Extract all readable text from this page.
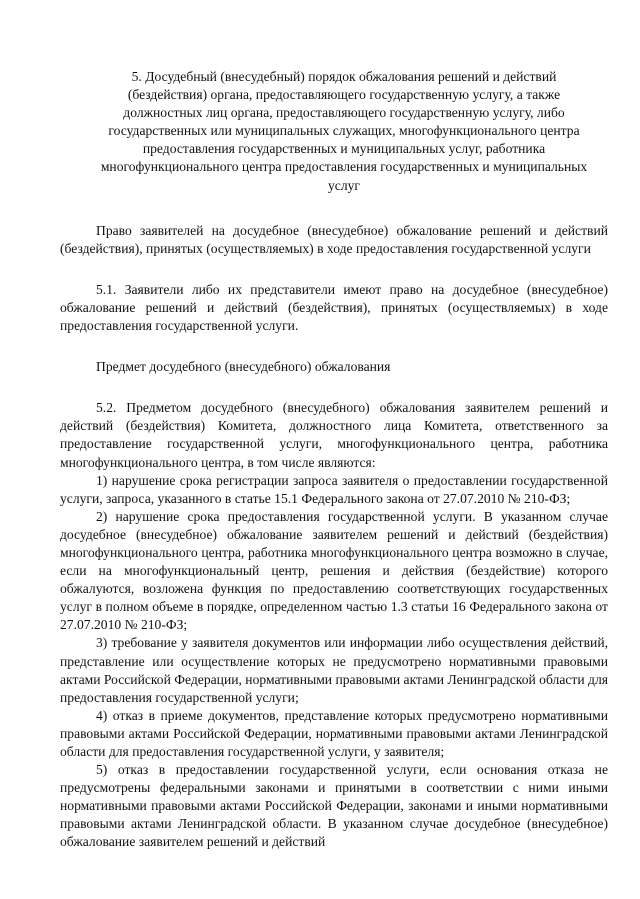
5. Досудебный (внесудебный) порядок обжалования решений и действий
(бездействия) органа, предоставляющего государственную услугу, а также
должностных лиц органа, предоставляющего государственную услугу, либо
государственных или муниципальных служащих, многофункционального центра
предоставления государственных и муниципальных услуг, работника
многофункционального центра предоставления государственных и муниципальных
услуг

Право заявителей на досудебное (внесудебное) обжалование решений и действий (бездействия), принятых (осуществляемых) в ходе предоставления государственной услуги

5.1. Заявители либо их представители имеют право на досудебное (внесудебное) обжалование решений и действий (бездействия), принятых (осуществляемых) в ходе предоставления государственной услуги.

Предмет досудебного (внесудебного) обжалования

5.2. Предметом досудебного (внесудебного) обжалования заявителем решений и действий (бездействия) Комитета, должностного лица Комитета, ответственного за предоставление государственной услуги, многофункционального центра, работника многофункционального центра, в том числе являются:

1) нарушение срока регистрации запроса заявителя о предоставлении государственной услуги, запроса, указанного в статье 15.1 Федерального закона от 27.07.2010 № 210-ФЗ;

2) нарушение срока предоставления государственной услуги. В указанном случае досудебное (внесудебное) обжалование заявителем решений и действий (бездействия) многофункционального центра, работника многофункционального центра возможно в случае, если на многофункциональный центр, решения и действия (бездействие) которого обжалуются, возложена функция по предоставлению соответствующих государственных услуг в полном объеме в порядке, определенном частью 1.3 статьи 16 Федерального закона от 27.07.2010 № 210-ФЗ;

3) требование у заявителя документов или информации либо осуществления действий, представление или осуществление которых не предусмотрено нормативными правовыми актами Российской Федерации, нормативными правовыми актами Ленинградской области для предоставления государственной услуги;

4) отказ в приеме документов, представление которых предусмотрено нормативными правовыми актами Российской Федерации, нормативными правовыми актами Ленинградской области для предоставления государственной услуги, у заявителя;

5) отказ в предоставлении государственной услуги, если основания отказа не предусмотрены федеральными законами и принятыми в соответствии с ними иными нормативными правовыми актами Российской Федерации, законами и иными нормативными правовыми актами Ленинградской области. В указанном случае досудебное (внесудебное) обжалование заявителем решений и действий
